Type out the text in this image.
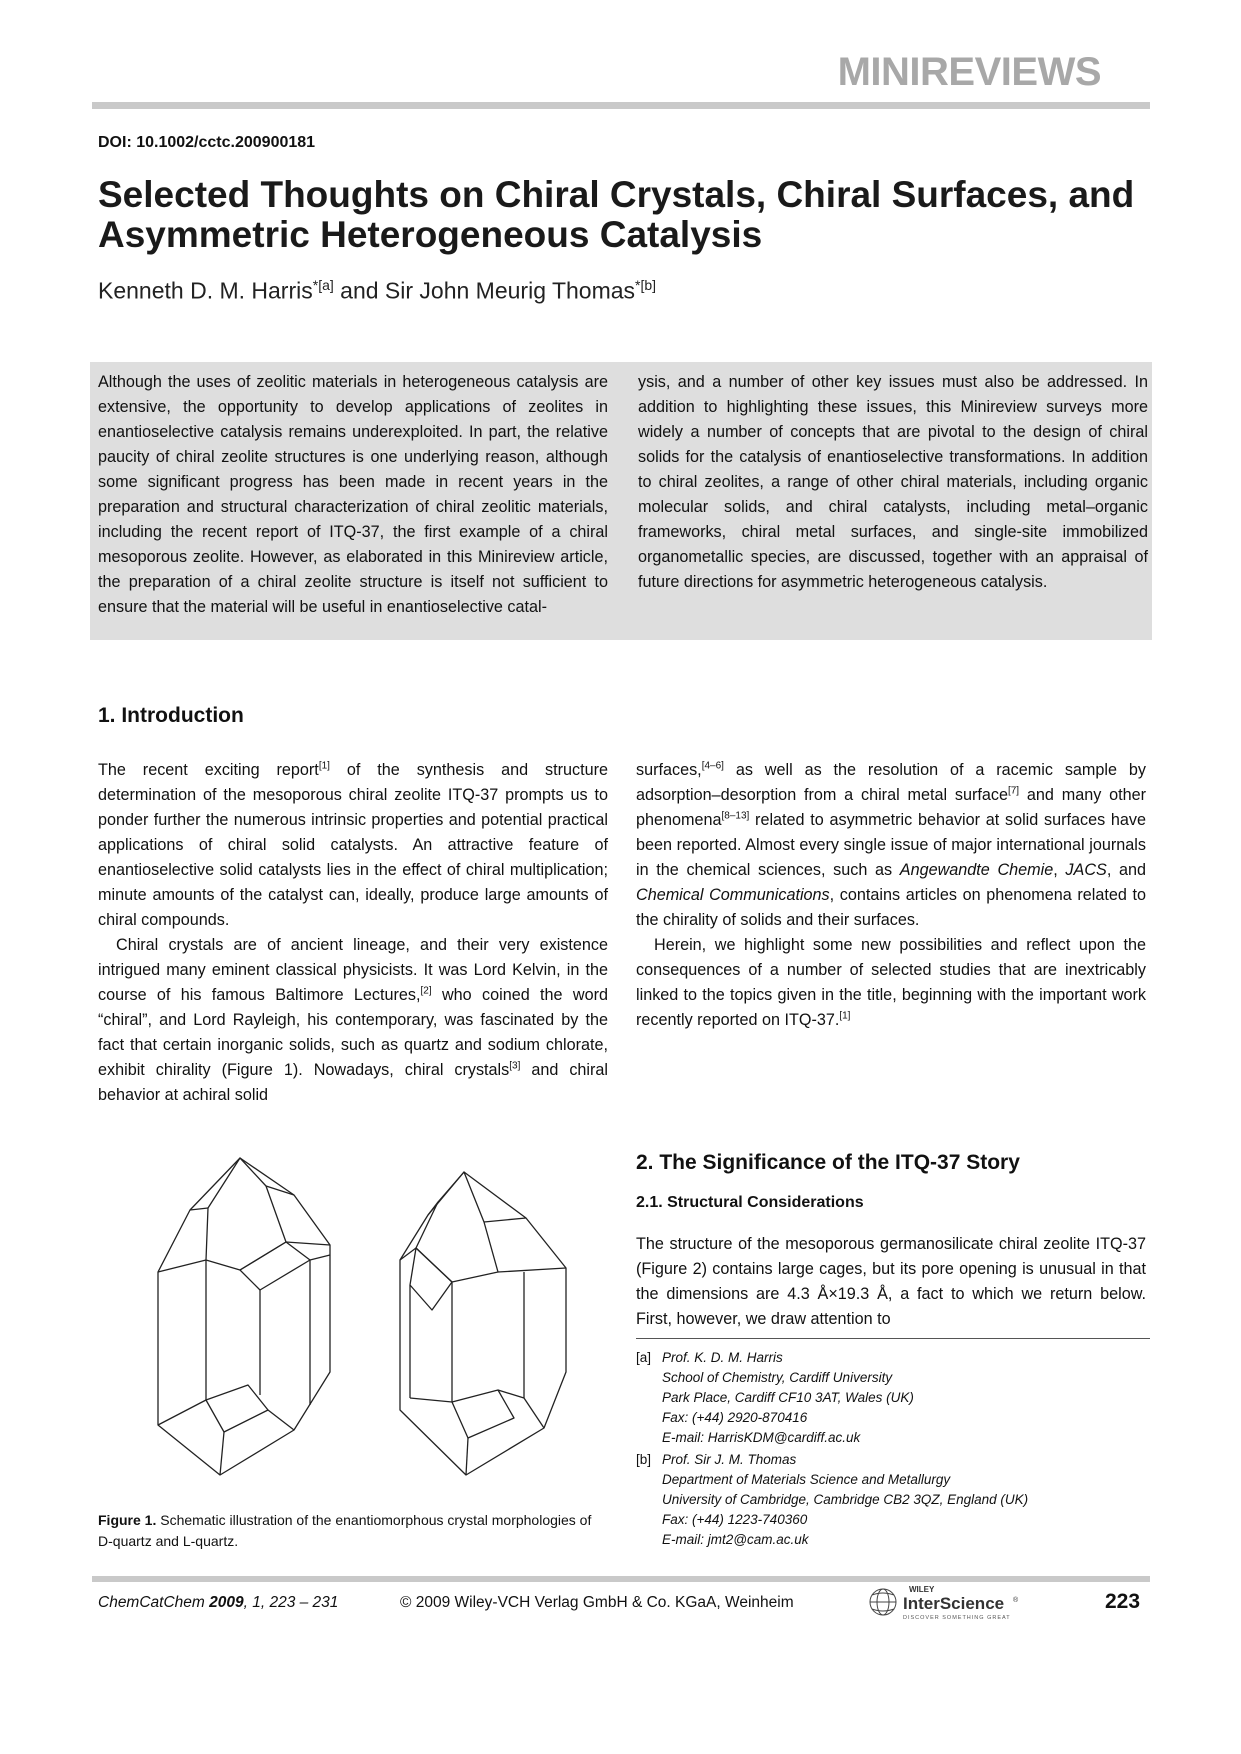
MINIREVIEWS
DOI: 10.1002/cctc.200900181
Selected Thoughts on Chiral Crystals, Chiral Surfaces, and Asymmetric Heterogeneous Catalysis
Kenneth D. M. Harris$^{*[a]}$ and Sir John Meurig Thomas$^{*[b]}$
Although the uses of zeolitic materials in heterogeneous catalysis are extensive, the opportunity to develop applications of zeolites in enantioselective catalysis remains underexploited. In part, the relative paucity of chiral zeolite structures is one underlying reason, although some significant progress has been made in recent years in the preparation and structural characterization of chiral zeolitic materials, including the recent report of ITQ-37, the first example of a chiral mesoporous zeolite. However, as elaborated in this Minireview article, the preparation of a chiral zeolite structure is itself not sufficient to ensure that the material will be useful in enantioselective catal-
ysis, and a number of other key issues must also be addressed. In addition to highlighting these issues, this Minireview surveys more widely a number of concepts that are pivotal to the design of chiral solids for the catalysis of enantioselective transformations. In addition to chiral zeolites, a range of other chiral materials, including organic molecular solids, and chiral catalysts, including metal–organic frameworks, chiral metal surfaces, and single-site immobilized organometallic species, are discussed, together with an appraisal of future directions for asymmetric heterogeneous catalysis.
1. Introduction

The recent exciting report[1] of the synthesis and structure determination of the mesoporous chiral zeolite ITQ-37 prompts us to ponder further the numerous intrinsic properties and potential practical applications of chiral solid catalysts. An attractive feature of enantioselective solid catalysts lies in the effect of chiral multiplication; minute amounts of the catalyst can, ideally, produce large amounts of chiral compounds.

Chiral crystals are of ancient lineage, and their very existence intrigued many eminent classical physicists. It was Lord Kelvin, in the course of his famous Baltimore Lectures,[2] who coined the word “chiral”, and Lord Rayleigh, his contemporary, was fascinated by the fact that certain inorganic solids, such as quartz and sodium chlorate, exhibit chirality (Figure 1). Nowadays, chiral crystals[3] and chiral behavior at achiral solid

surfaces,[4–6] as well as the resolution of a racemic sample by adsorption–desorption from a chiral metal surface[7] and many other phenomena[8–13] related to asymmetric behavior at solid surfaces have been reported. Almost every single issue of major international journals in the chemical sciences, such as Angewandte Chemie, JACS, and Chemical Communications, contains articles on phenomena related to the chirality of solids and their surfaces.

Herein, we highlight some new possibilities and reflect upon the consequences of a number of selected studies that are inextricably linked to the topics given in the title, beginning with the important work recently reported on ITQ-37.[1]

2. The Significance of the ITQ-37 Story
2.1. Structural Considerations
The structure of the mesoporous germanosilicate chiral zeolite ITQ-37 (Figure 2) contains large cages, but its pore opening is unusual in that the dimensions are 4.3 Å×19.3 Å, a fact to which we return below. First, however, we draw attention to
Figure 1. Schematic illustration of the enantiomorphous crystal morphologies of D-quartz and L-quartz.
[a] Prof. K. D. M. Harris
School of Chemistry, Cardiff University
Park Place, Cardiff CF10 3AT, Wales (UK)
Fax: (+44) 2920-870416
E-mail: HarrisKDM@cardiff.ac.uk
[b] Prof. Sir J. M. Thomas
Department of Materials Science and Metallurgy
University of Cambridge, Cambridge CB2 3QZ, England (UK)
Fax: (+44) 1223-740360
E-mail: jmt2@cam.ac.uk
ChemCatChem 2009, 1, 223 – 231	© 2009 Wiley-VCH Verlag GmbH & Co. KGaA, Weinheim
WILEY
InterScience ®
DISCOVER SOMETHING GREAT
223
